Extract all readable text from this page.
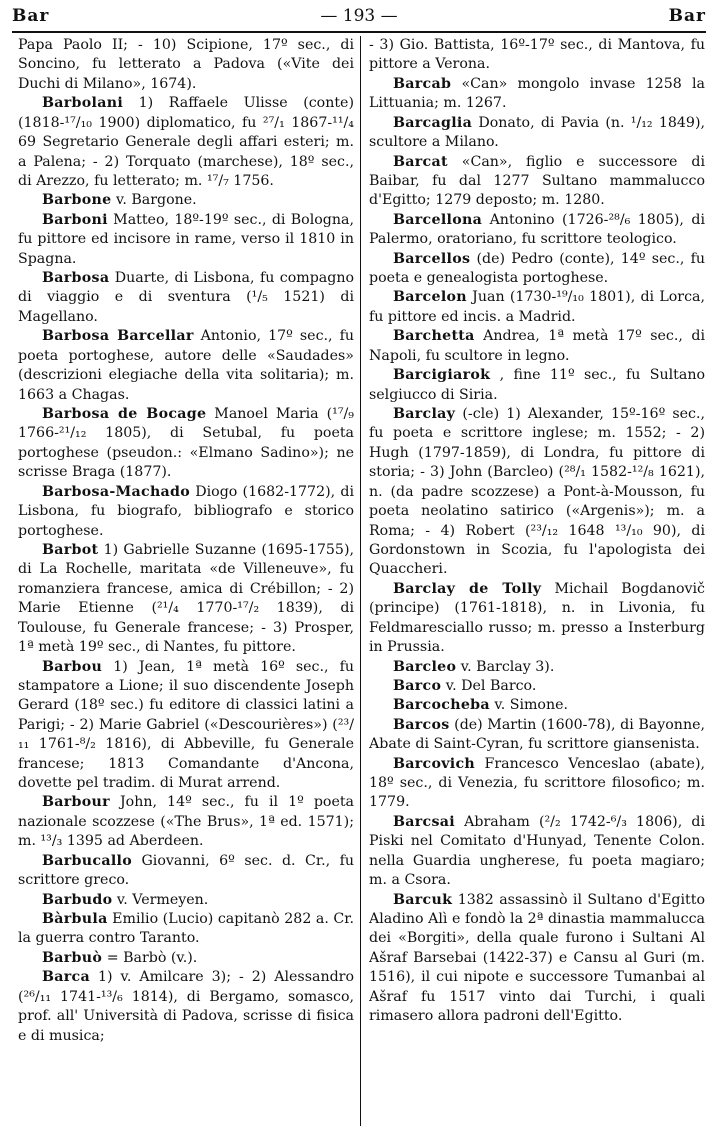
Bar	— 193 —	Bar

Papa Paolo II; - 10) Scipione, 17º sec., di Soncino, fu letterato a Padova («Vite dei Duchi di Milano», 1674).

Barbolani 1) Raffaele Ulisse (conte) (1818-¹⁷/₁₀ 1900) diplomatico, fu ²⁷/₁ 1867-¹¹/₄ 69 Segretario Generale degli affari esteri; m. a Palena; - 2) Torquato (marchese), 18º sec., di Arezzo, fu letterato; m. ¹⁷/₇ 1756.

Barbone v. Bargone.

Barboni Matteo, 18º-19º sec., di Bologna, fu pittore ed incisore in rame, verso il 1810 in Spagna.

Barbosa Duarte, di Lisbona, fu compagno di viaggio e di sventura (¹/₅ 1521) di Magellano.

Barbosa Barcellar Antonio, 17º sec., fu poeta portoghese, autore delle «Saudades» (descrizioni elegiache della vita solitaria); m. 1663 a Chagas.

Barbosa de Bocage Manoel Maria (¹⁷/₉ 1766-²¹/₁₂ 1805), di Setubal, fu poeta portoghese (pseudon.: «Elmano Sadino»); ne scrisse Braga (1877).

Barbosa-Machado Diogo (1682-1772), di Lisbona, fu biografo, bibliografo e storico portoghese.

Barbot 1) Gabrielle Suzanne (1695-1755), di La Rochelle, maritata «de Villeneuve», fu romanziera francese, amica di Crébillon; - 2) Marie Etienne (²¹/₄ 1770-¹⁷/₂ 1839), di Toulouse, fu Generale francese; - 3) Prosper, 1ª metà 19º sec., di Nantes, fu pittore.

Barbou 1) Jean, 1ª metà 16º sec., fu stampatore a Lione; il suo discendente Joseph Gerard (18º sec.) fu editore di classici latini a Parigi; - 2) Marie Gabriel («Descourières») (²³/₁₁ 1761-⁸/₂ 1816), di Abbeville, fu Generale francese; 1813 Comandante d'Ancona, dovette pel tradim. di Murat arrend.

Barbour John, 14º sec., fu il 1º poeta nazionale scozzese («The Brus», 1ª ed. 1571); m. ¹³/₃ 1395 ad Aberdeen.

Barbucallo Giovanni, 6º sec. d. Cr., fu scrittore greco.

Barbudo v. Vermeyen.

Bàrbula Emilio (Lucio) capitanò 282 a. Cr. la guerra contro Taranto.

Barbuò = Barbò (v.).

Barca 1) v. Amilcare 3); - 2) Alessandro (²⁶/₁₁ 1741-¹³/₆ 1814), di Bergamo, somasco, prof. all' Università di Padova, scrisse di fisica e di musica;

- 3) Gio. Battista, 16º-17º sec., di Mantova, fu pittore a Verona.

Barcab «Can» mongolo invase 1258 la Littuania; m. 1267.

Barcaglia Donato, di Pavia (n. ¹/₁₂ 1849), scultore a Milano.

Barcat «Can», figlio e successore di Baibar, fu dal 1277 Sultano mammalucco d'Egitto; 1279 deposto; m. 1280.

Barcellona Antonino (1726-²⁸/₆ 1805), di Palermo, oratoriano, fu scrittore teologico.

Barcellos (de) Pedro (conte), 14º sec., fu poeta e genealogista portoghese.

Barcelon Juan (1730-¹⁹/₁₀ 1801), di Lorca, fu pittore ed incis. a Madrid.

Barchetta Andrea, 1ª metà 17º sec., di Napoli, fu scultore in legno.

Barcigiarok , fine 11º sec., fu Sultano selgiucco di Siria.

Barclay (-cle) 1) Alexander, 15º-16º sec., fu poeta e scrittore inglese; m. 1552; - 2) Hugh (1797-1859), di Londra, fu pittore di storia; - 3) John (Barcleo) (²⁸/₁ 1582-¹²/₈ 1621), n. (da padre scozzese) a Pont-à-Mousson, fu poeta neolatino satirico («Argenis»); m. a Roma; - 4) Robert (²³/₁₂ 1648 ¹³/₁₀ 90), di Gordonstown in Scozia, fu l'apologista dei Quaccheri.

Barclay de Tolly Michail Bogdanovič (principe) (1761-1818), n. in Livonia, fu Feldmaresciallo russo; m. presso a Insterburg in Prussia.

Barcleo v. Barclay 3).

Barco v. Del Barco.

Barcocheba v. Simone.

Barcos (de) Martin (1600-78), di Bayonne, Abate di Saint-Cyran, fu scrittore giansenista.

Barcovich Francesco Venceslao (abate), 18º sec., di Venezia, fu scrittore filosofico; m. 1779.

Barcsai Abraham (²/₂ 1742-⁶/₃ 1806), di Piski nel Comitato d'Hunyad, Tenente Colon. nella Guardia ungherese, fu poeta magiaro; m. a Csora.

Barcuk 1382 assassinò il Sultano d'Egitto Aladino Alì e fondò la 2ª dinastia mammalucca dei «Borgiti», della quale furono i Sultani Al Ašraf Barsebai (1422-37) e Cansu al Guri (m. 1516), il cui nipote e successore Tumanbai al Ašraf fu 1517 vinto dai Turchi, i quali rimasero allora padroni dell'Egitto.
